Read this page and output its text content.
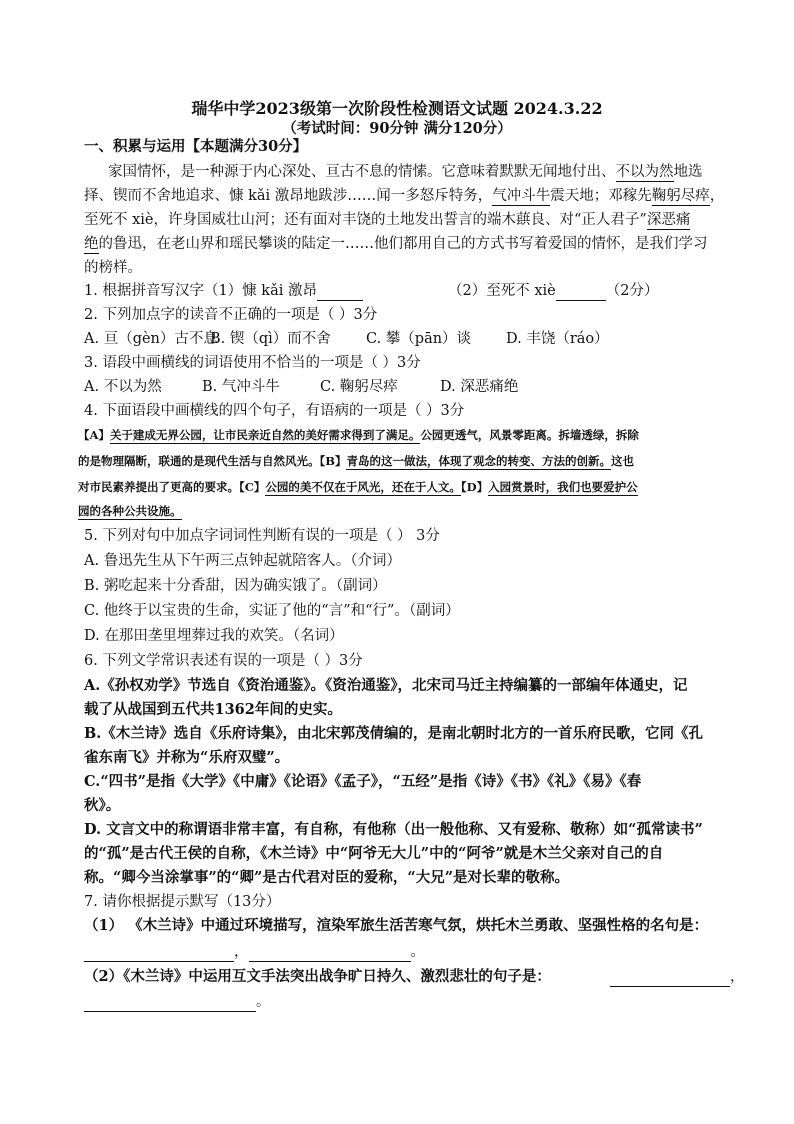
瑞华中学2023级第一次阶段性检测语文试题 2024.3.22
（考试时间：90分钟 满分120分）
一、积累与运用【本题满分30分】
家国情怀，是一种源于内心深处、亘古不息的情愫。它意味着默默无闻地付出、不以为然地选
择、锲而不舍地追求、慷 kǎi 激昂地跋涉……闻一多怒斥特务，气冲斗牛震天地；邓稼先鞠躬尽瘁，
至死不 xiè，许身国威壮山河；还有面对丰饶的土地发出誓言的端木蕻良、对“正人君子”深恶痛
绝的鲁迅，在老山界和瑶民攀谈的陆定一……他们都用自己的方式书写着爱国的情怀，是我们学习
的榜样。
1. 根据拼音写汉字（1）慷 kǎi 激昂	（2）至死不 xiè	（2分）
2. 下列加点字的读音不正确的一项是（ ）3分
A. 亘（gèn）古不息B. 锲（qì）而不舍 C. 攀（pān）谈 D. 丰饶（ráo）
3. 语段中画横线的词语使用不恰当的一项是（ ）3分
A. 不以为然	B. 气冲斗牛	C. 鞠躬尽瘁	D. 深恶痛绝
4. 下面语段中画横线的四个句子，有语病的一项是（ ）3分
【A】关于建成无界公园，让市民亲近自然的美好需求得到了满足。公园更透气，风景零距离。拆墙透绿，拆除
的是物理隔断，联通的是现代生活与自然风光。【B】青岛的这一做法，体现了观念的转变、方法的创新。这也
对市民素养提出了更高的要求。【C】公园的美不仅在于风光，还在于人文。【D】入园赏景时，我们也要爱护公
园的各种公共设施。
5. 下列对句中加点字词词性判断有误的一项是（ ） 3分
A. 鲁迅先生从下午两三点钟起就陪客人。（介词）
B. 粥吃起来十分香甜，因为确实饿了。（副词）
C. 他终于以宝贵的生命，实证了他的“言”和“行”。（副词）
D. 在那田垄里埋葬过我的欢笑。（名词）
6. 下列文学常识表述有误的一项是（ ）3分
A.《孙权劝学》节选自《资治通鉴》。《资治通鉴》，北宋司马迁主持编纂的一部编年体通史，记
载了从战国到五代共1362年间的史实。
B.《木兰诗》选自《乐府诗集》，由北宋郭茂倩编的，是南北朝时北方的一首乐府民歌，它同《孔
雀东南飞》并称为“乐府双璧”。
C.“四书”是指《大学》《中庸》《论语》《孟子》，“五经”是指《诗》《书》《礼》《易》《春
秋》。
D. 文言文中的称谓语非常丰富，有自称，有他称（出一般他称、又有爱称、敬称）如“孤常读书”
的“孤”是古代王侯的自称，《木兰诗》中“阿爷无大儿”中的“阿爷”就是木兰父亲对自己的自
称。“卿今当涂掌事”的“卿”是古代君对臣的爱称，“大兄”是对长辈的敬称。
7. 请你根据提示默写（13分）
（1） 《木兰诗》中通过环境描写，渲染军旅生活苦寒气氛，烘托木兰勇敢、坚强性格的名句是：
，	。
（2）《木兰诗》中运用互文手法突出战争旷日持久、激烈悲壮的句子是：	，
。
